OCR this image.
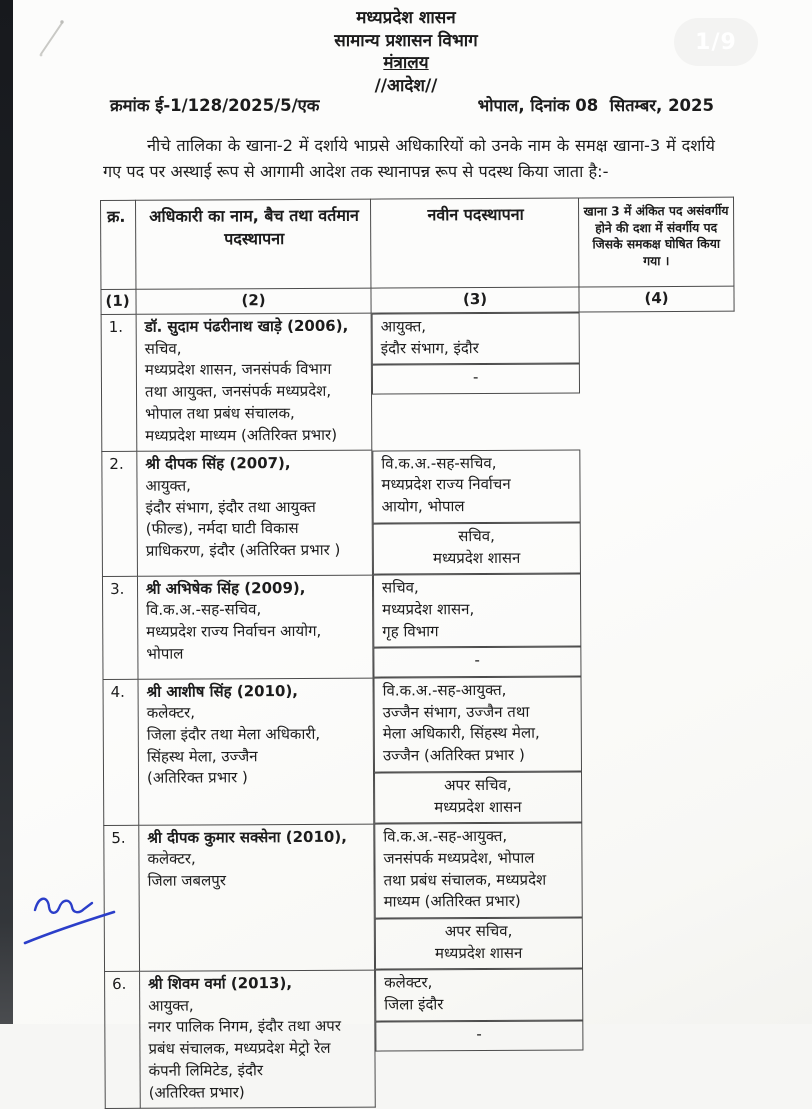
1/9
मध्यप्रदेश शासन
सामान्य प्रशासन विभाग
मंत्रालय
//आदेश//
क्रमांक ई-1/128/2025/5/एक	भोपाल, दिनांक 08  सितम्बर, 2025
नीचे तालिका के खाना-2 में दर्शाये भाप्रसे अधिकारियों को उनके नाम के समक्ष खाना-3 में दर्शाये गए पद पर अस्थाई रूप से आगामी आदेश तक स्थानापन्न रूप से पदस्थ किया जाता है:-
क्र.	अधिकारी का नाम, बैच तथा वर्तमान पदस्थापना	नवीन पदस्थापना	खाना 3 में अंकित पद असंवर्गीय होने की दशा में संवर्गीय पद जिसके समकक्ष घोषित किया गया ।
(1)	(2)	(3)	(4)
1.	डॉ. सुदाम पंढरीनाथ खाड़े (2006),
सचिव,
मध्यप्रदेश शासन, जनसंपर्क विभाग
तथा आयुक्त, जनसंपर्क मध्यप्रदेश,
भोपाल तथा प्रबंध संचालक,
मध्यप्रदेश माध्यम (अतिरिक्त प्रभार)

आयुक्त,
इंदौर संभाग, इंदौर
-

2.	श्री दीपक सिंह (2007),
आयुक्त,
इंदौर संभाग, इंदौर तथा आयुक्त
(फील्ड), नर्मदा घाटी विकास
प्राधिकरण, इंदौर (अतिरिक्त प्रभार )

वि.क.अ.-सह-सचिव,
मध्यप्रदेश राज्य निर्वाचन
आयोग, भोपाल
सचिव,
मध्यप्रदेश शासन

3.	श्री अभिषेक सिंह (2009),
वि.क.अ.-सह-सचिव,
मध्यप्रदेश राज्य निर्वाचन आयोग,
भोपाल

सचिव,
मध्यप्रदेश शासन,
गृह विभाग
-

4.	श्री आशीष सिंह (2010),
कलेक्टर,
जिला इंदौर तथा मेला अधिकारी,
सिंहस्थ मेला, उज्जैन
(अतिरिक्त प्रभार )

वि.क.अ.-सह-आयुक्त,
उज्जैन संभाग, उज्जैन तथा
मेला अधिकारी, सिंहस्थ मेला,
उज्जैन (अतिरिक्त प्रभार )
अपर सचिव,
मध्यप्रदेश शासन

5.	श्री दीपक कुमार सक्सेना (2010),
कलेक्टर,
जिला जबलपुर

वि.क.अ.-सह-आयुक्त,
जनसंपर्क मध्यप्रदेश, भोपाल
तथा प्रबंध संचालक, मध्यप्रदेश
माध्यम (अतिरिक्त प्रभार)
अपर सचिव,
मध्यप्रदेश शासन

6.	श्री शिवम वर्मा (2013),
आयुक्त,
नगर पालिक निगम, इंदौर तथा अपर
प्रबंध संचालक, मध्यप्रदेश मेट्रो रेल
कंपनी लिमिटेड, इंदौर
(अतिरिक्त प्रभार)

कलेक्टर,
जिला इंदौर
-
